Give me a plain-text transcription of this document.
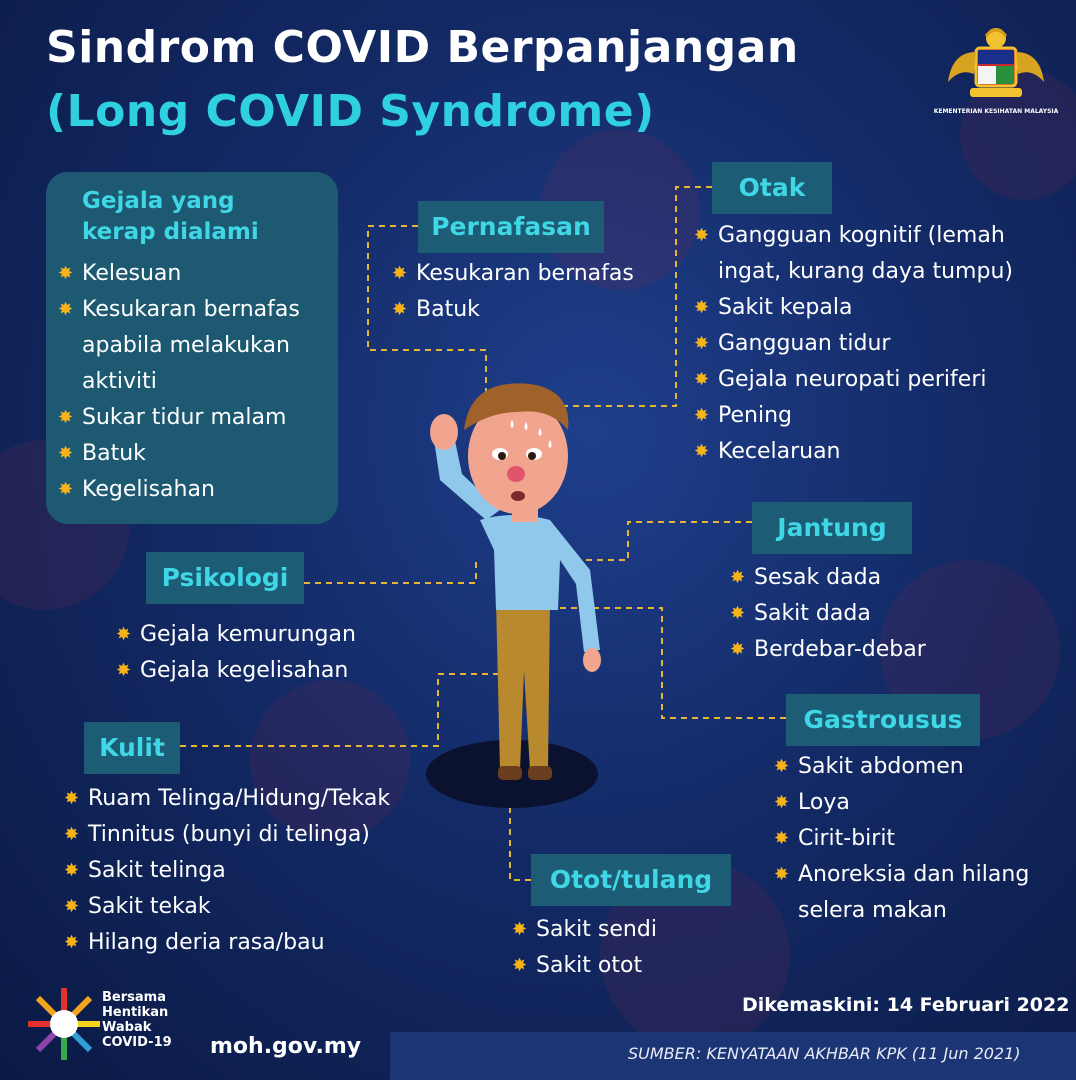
Sindrom COVID Berpanjangan
(Long COVID Syndrome)	KEMENTERIAN KESIHATAN MALAYSIA
Gejala yang kerap dialami
✸ Kelesuan
✸ Kesukaran bernafas apabila melakukan aktiviti
✸ Sukar tidur malam
✸ Batuk
✸ Kegelisahan
Pernafasan
✸ Kesukaran bernafas
✸ Batuk
Otak
✸ Gangguan kognitif (lemah ingat, kurang daya tumpu)
✸ Sakit kepala
✸ Gangguan tidur
✸ Gejala neuropati periferi
✸ Pening
✸ Kecelaruan
Psikologi
✸ Gejala kemurungan
✸ Gejala kegelisahan
Jantung
✸ Sesak dada
✸ Sakit dada
✸ Berdebar-debar
Kulit
✸ Ruam Telinga/Hidung/Tekak
✸ Tinnitus (bunyi di telinga)
✸ Sakit telinga
✸ Sakit tekak
✸ Hilang deria rasa/bau
Gastrousus
✸ Sakit abdomen
✸ Loya
✸ Cirit-birit
✸ Anoreksia dan hilang selera makan
Otot/tulang
✸ Sakit sendi
✸ Sakit otot
Dikemaskini: 14 Februari 2022
SUMBER: KENYATAAN AKHBAR KPK (11 Jun 2021)
Bersama
Hentikan
Wabak
COVID-19 moh.gov.my
